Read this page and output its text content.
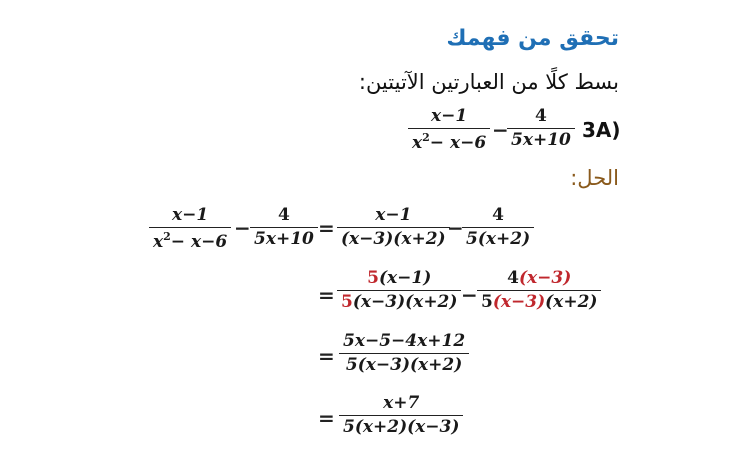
تحقق من فهمك
بسط كلًا من العبارتين الآتيتين:
الحل:
3A)
x−1
$x^2- x-6$
−
4
5x+10
x−1
$x^2- x-6$
−
4
5x+10 =
x−1
(x−3)(x+2) −
4
5(x+2)
=
5(x−1)
5(x−3)(x+2) −
4(x−3)
5(x−3)(x+2)
=
5x−5−4x+12
5(x−3)(x+2)
=
x+7
5(x+2)(x−3)
